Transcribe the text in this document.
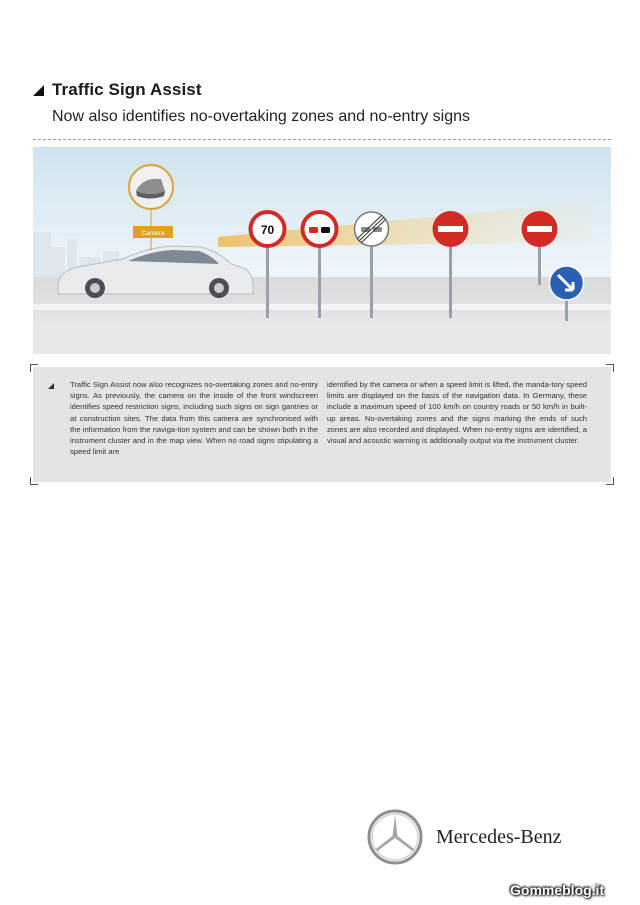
Traffic Sign Assist
Now also identifies no-overtaking zones and no-entry signs
Camera	70

Traffic Sign Assist now also recognizes no-overtaking zones and no-entry signs. As previously, the camera on the inside of the front windscreen identifies speed restriction signs, including such signs on sign gantries or at construction sites. The data from this camera are synchronised with the information from the naviga-tion system and can be shown both in the instrument cluster and in the map view. When no road signs stipulating a speed limit are

identified by the camera or when a speed limit is lifted, the manda-tory speed limits are displayed on the basis of the navigation data. In Germany, these include a maximum speed of 100 km/h on country roads or 50 km/h in built-up areas. No-overtaking zones and the signs marking the ends of such zones are also recorded and displayed. When no-entry signs are identified, a visual and acoustic warning is additionally output via the instrument cluster.

Mercedes-Benz
Gommeblog.it
